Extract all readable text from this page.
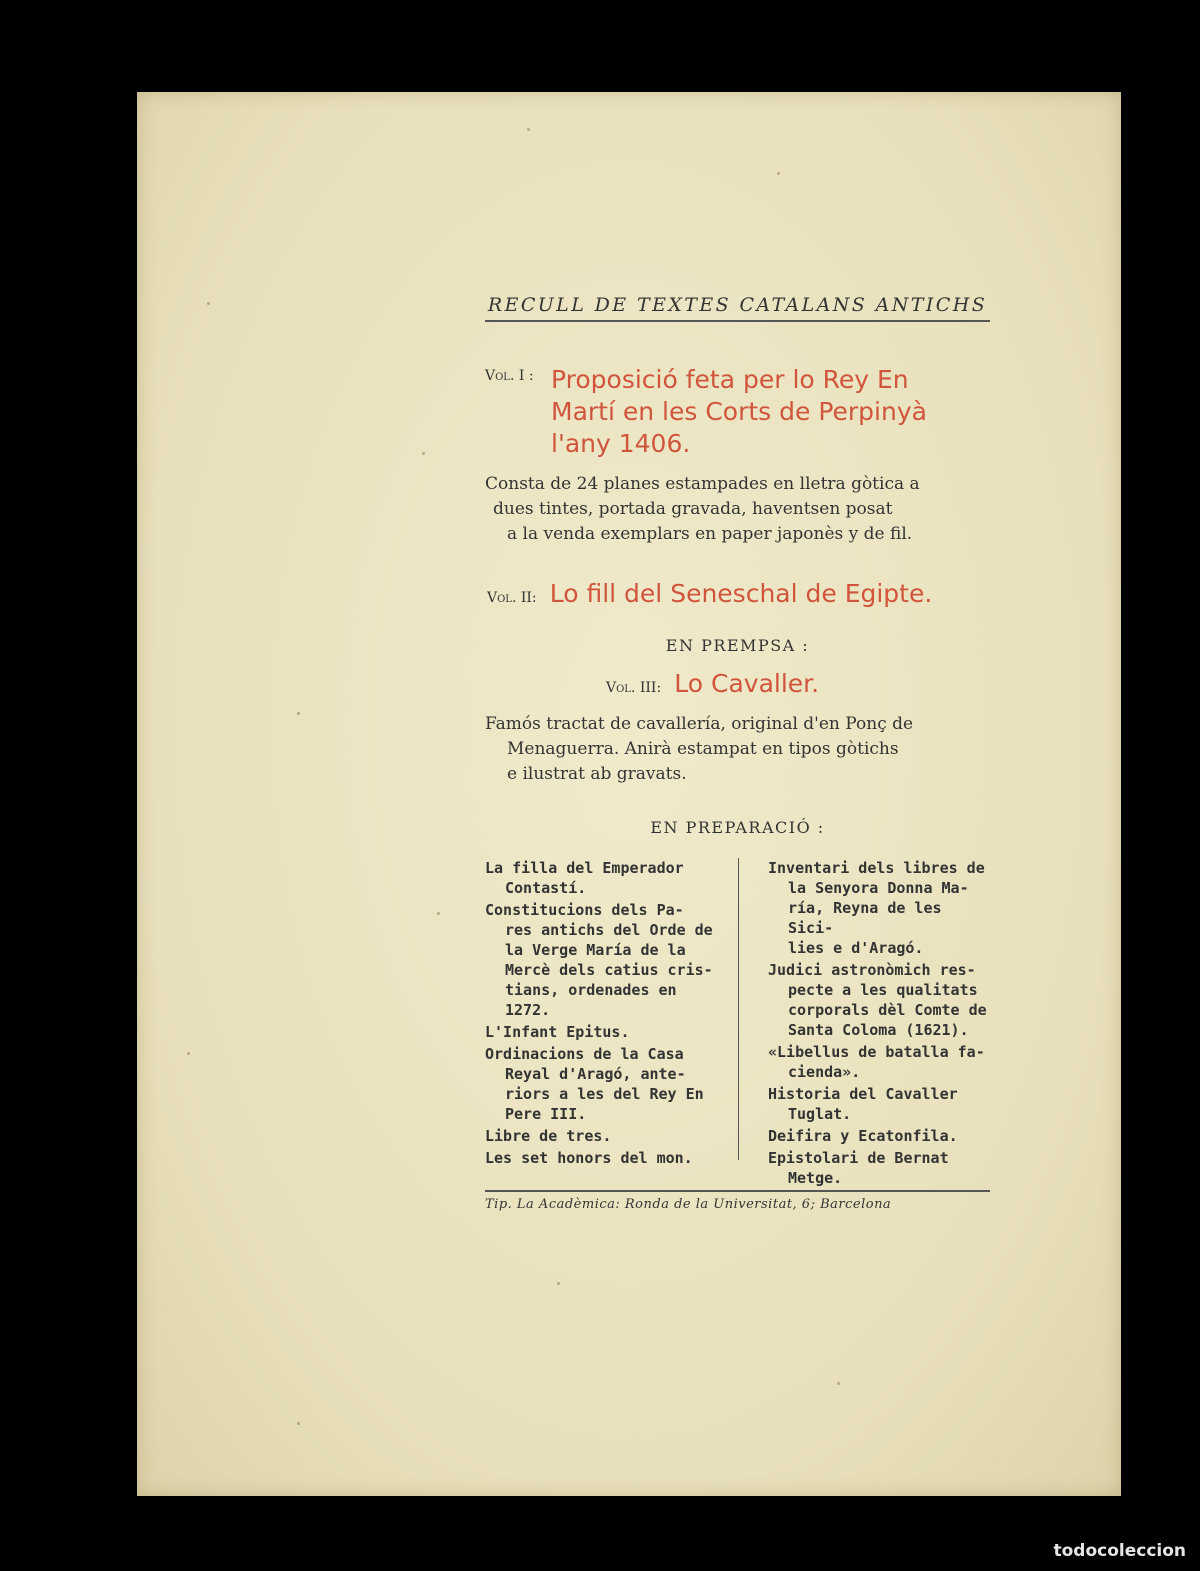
RECULL DE TEXTES CATALANS ANTICHS
Vol. I : Proposició feta per lo Rey En
Martí en les Corts de Perpinyà
l'any 1406.
Consta de 24 planes estampades en lletra gòtica a
dues tintes, portada gravada, haventsen posat
a la venda exemplars en paper japonès y de fil.
Vol. II: Lo fill del Seneschal de Egipte.
EN PREMPSA :
Vol. III: Lo Cavaller.
Famós tractat de cavallería, original d'en Ponç de
Menaguerra. Anirà estampat en tipos gòtichs
e ilustrat ab gravats.
EN PREPARACIÓ :
La filla del Emperador
Contastí.
Constitucions dels Pa-
res antichs del Orde de
la Verge María de la
Mercè dels catius cris-
tians, ordenades en
1272.
L'Infant Epitus.
Ordinacions de la Casa
Reyal d'Aragó, ante-
riors a les del Rey En
Pere III.
Libre de tres.
Les set honors del mon.
Inventari dels libres de
la Senyora Donna Ma-
ría, Reyna de les Sici-
lies e d'Aragó.
Judici astronòmich res-
pecte a les qualitats
corporals dèl Comte de
Santa Coloma (1621).
«Libellus de batalla fa-
cienda».
Historia del Cavaller
Tuglat.
Deifira y Ecatonfila.
Epistolari de Bernat
Metge.
Tip. La Acadèmica: Ronda de la Universitat, 6; Barcelona
todocoleccion
